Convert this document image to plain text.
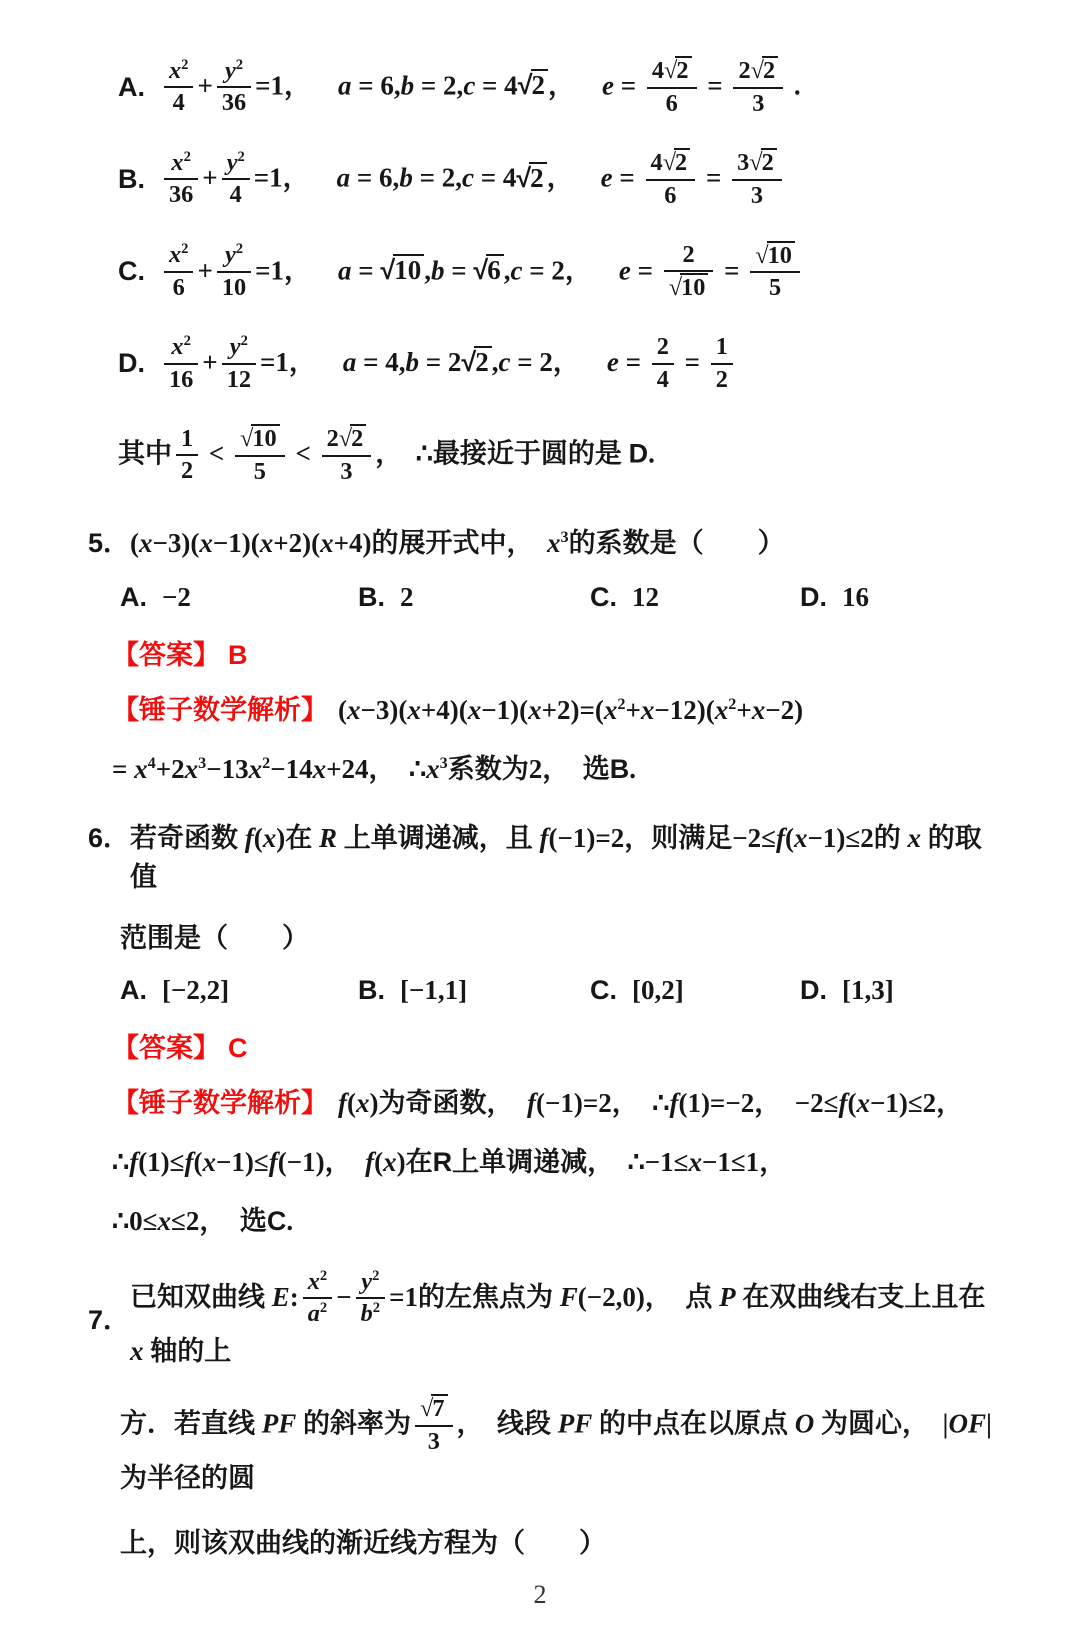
A. $\frac{x^2}{4} + \frac{y^2}{36} =1$，  a = 6,b = 2,c = 4√2 ，  $e = \frac{4√2}{6} = \frac{2√2}{3}$ .
B. $\frac{x^2}{36} + \frac{y^2}{4} =1$，  a = 6,b = 2,c = 4√2 ，  $e = \frac{4√2}{6} = \frac{3√2}{3}$
C. $\frac{x^2}{6} + \frac{y^2}{10} =1$，  a = √10 ,b = √6 ,c = 2，  $e = \frac{2}{√10} = \frac{√10}{5}$
D. $\frac{x^2}{16} + \frac{y^2}{12} =1$，  a = 4,b = 2√2 ,c = 2，  $e = \frac{2}{4} = \frac{1}{2}$
其中 $\frac{1}{2} < \frac{√10}{5} < \frac{2√2}{3}$ ， ∴最接近于圆的是 D.
5． (x−3)(x−1)(x+2)(x+4)的展开式中，  $x^3$的系数是（　　）
A. −2	B. 2	C. 12	D. 16
【答案】 B
【锤子数学解析】 $(x-3)(x+4)(x-1)(x+2)=(x^2+x-12)(x^2+x-2)$
= $x^4+2x^3-13x^2-14x+24$， $\therefore x^3$系数为2，  选B.
6． 若奇函数 f(x)在 R 上单调递减，且 f(−1)=2，则满足−2≤f(x−1)≤2的 x 的取值
范围是（　　）
A. [−2,2]	B. [−1,1]	C. [0,2]	D. [1,3]
【答案】 C
【锤子数学解析】 f(x)为奇函数，  f(−1)=2， ∴f(1)=−2， −2≤f(x−1)≤2，
∴f(1)≤f(x−1)≤f(−1)，  f(x)在R上单调递减， ∴−1≤x−1≤1，
∴0≤x≤2，  选C.
7．
已知双曲线 E: $\frac{x^2}{a^2} - \frac{y^2}{b^2} =1$的左焦点为 F(−2,0)，  点 P 在双曲线右支上且在 x 轴的上
方．若直线 PF 的斜率为 $\frac{√7}{3}$ ，  线段 PF 的中点在以原点 O 为圆心， |OF|为半径的圆
上，则该双曲线的渐近线方程为（　　）
2
